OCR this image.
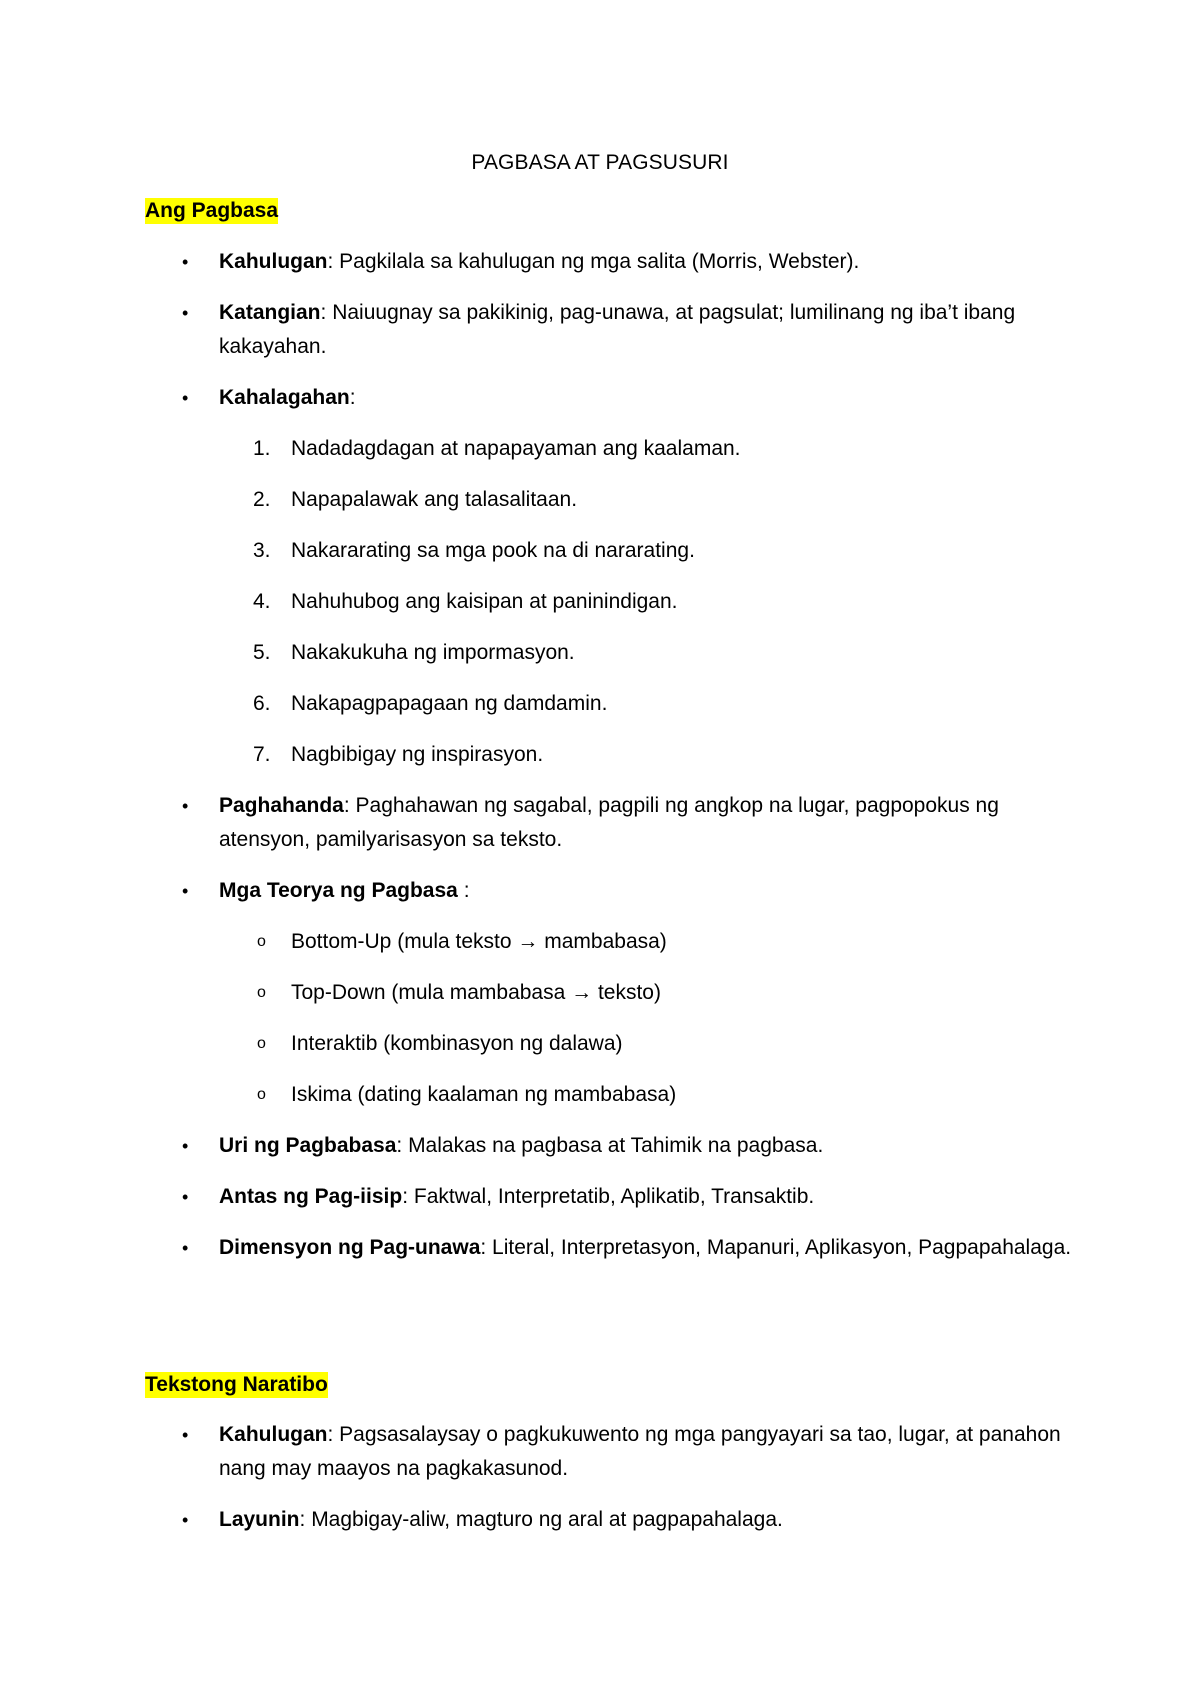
PAGBASA AT PAGSUSURI
Ang Pagbasa
• Kahulugan: Pagkilala sa kahulugan ng mga salita (Morris, Webster).
• Katangian: Naiuugnay sa pakikinig, pag-unawa, at pagsulat; lumilinang ng iba’t ibang kakayahan.
• Kahalagahan:
1. Nadadagdagan at napapayaman ang kaalaman.
2. Napapalawak ang talasalitaan.
3. Nakararating sa mga pook na di nararating.
4. Nahuhubog ang kaisipan at paninindigan.
5. Nakakukuha ng impormasyon.
6. Nakapagpapagaan ng damdamin.
7. Nagbibigay ng inspirasyon.
• Paghahanda: Paghahawan ng sagabal, pagpili ng angkop na lugar, pagpopokus ng atensyon, pamilyarisasyon sa teksto.
• Mga Teorya ng Pagbasa :
o Bottom-Up (mula teksto → mambabasa)
o Top-Down (mula mambabasa → teksto)
o Interaktib (kombinasyon ng dalawa)
o Iskima (dating kaalaman ng mambabasa)
• Uri ng Pagbabasa: Malakas na pagbasa at Tahimik na pagbasa.
• Antas ng Pag-iisip: Faktwal, Interpretatib, Aplikatib, Transaktib.
• Dimensyon ng Pag-unawa: Literal, Interpretasyon, Mapanuri, Aplikasyon, Pagpapahalaga.
Tekstong Naratibo
• Kahulugan: Pagsasalaysay o pagkukuwento ng mga pangyayari sa tao, lugar, at panahon nang may maayos na pagkakasunod.
• Layunin: Magbigay-aliw, magturo ng aral at pagpapahalaga.
